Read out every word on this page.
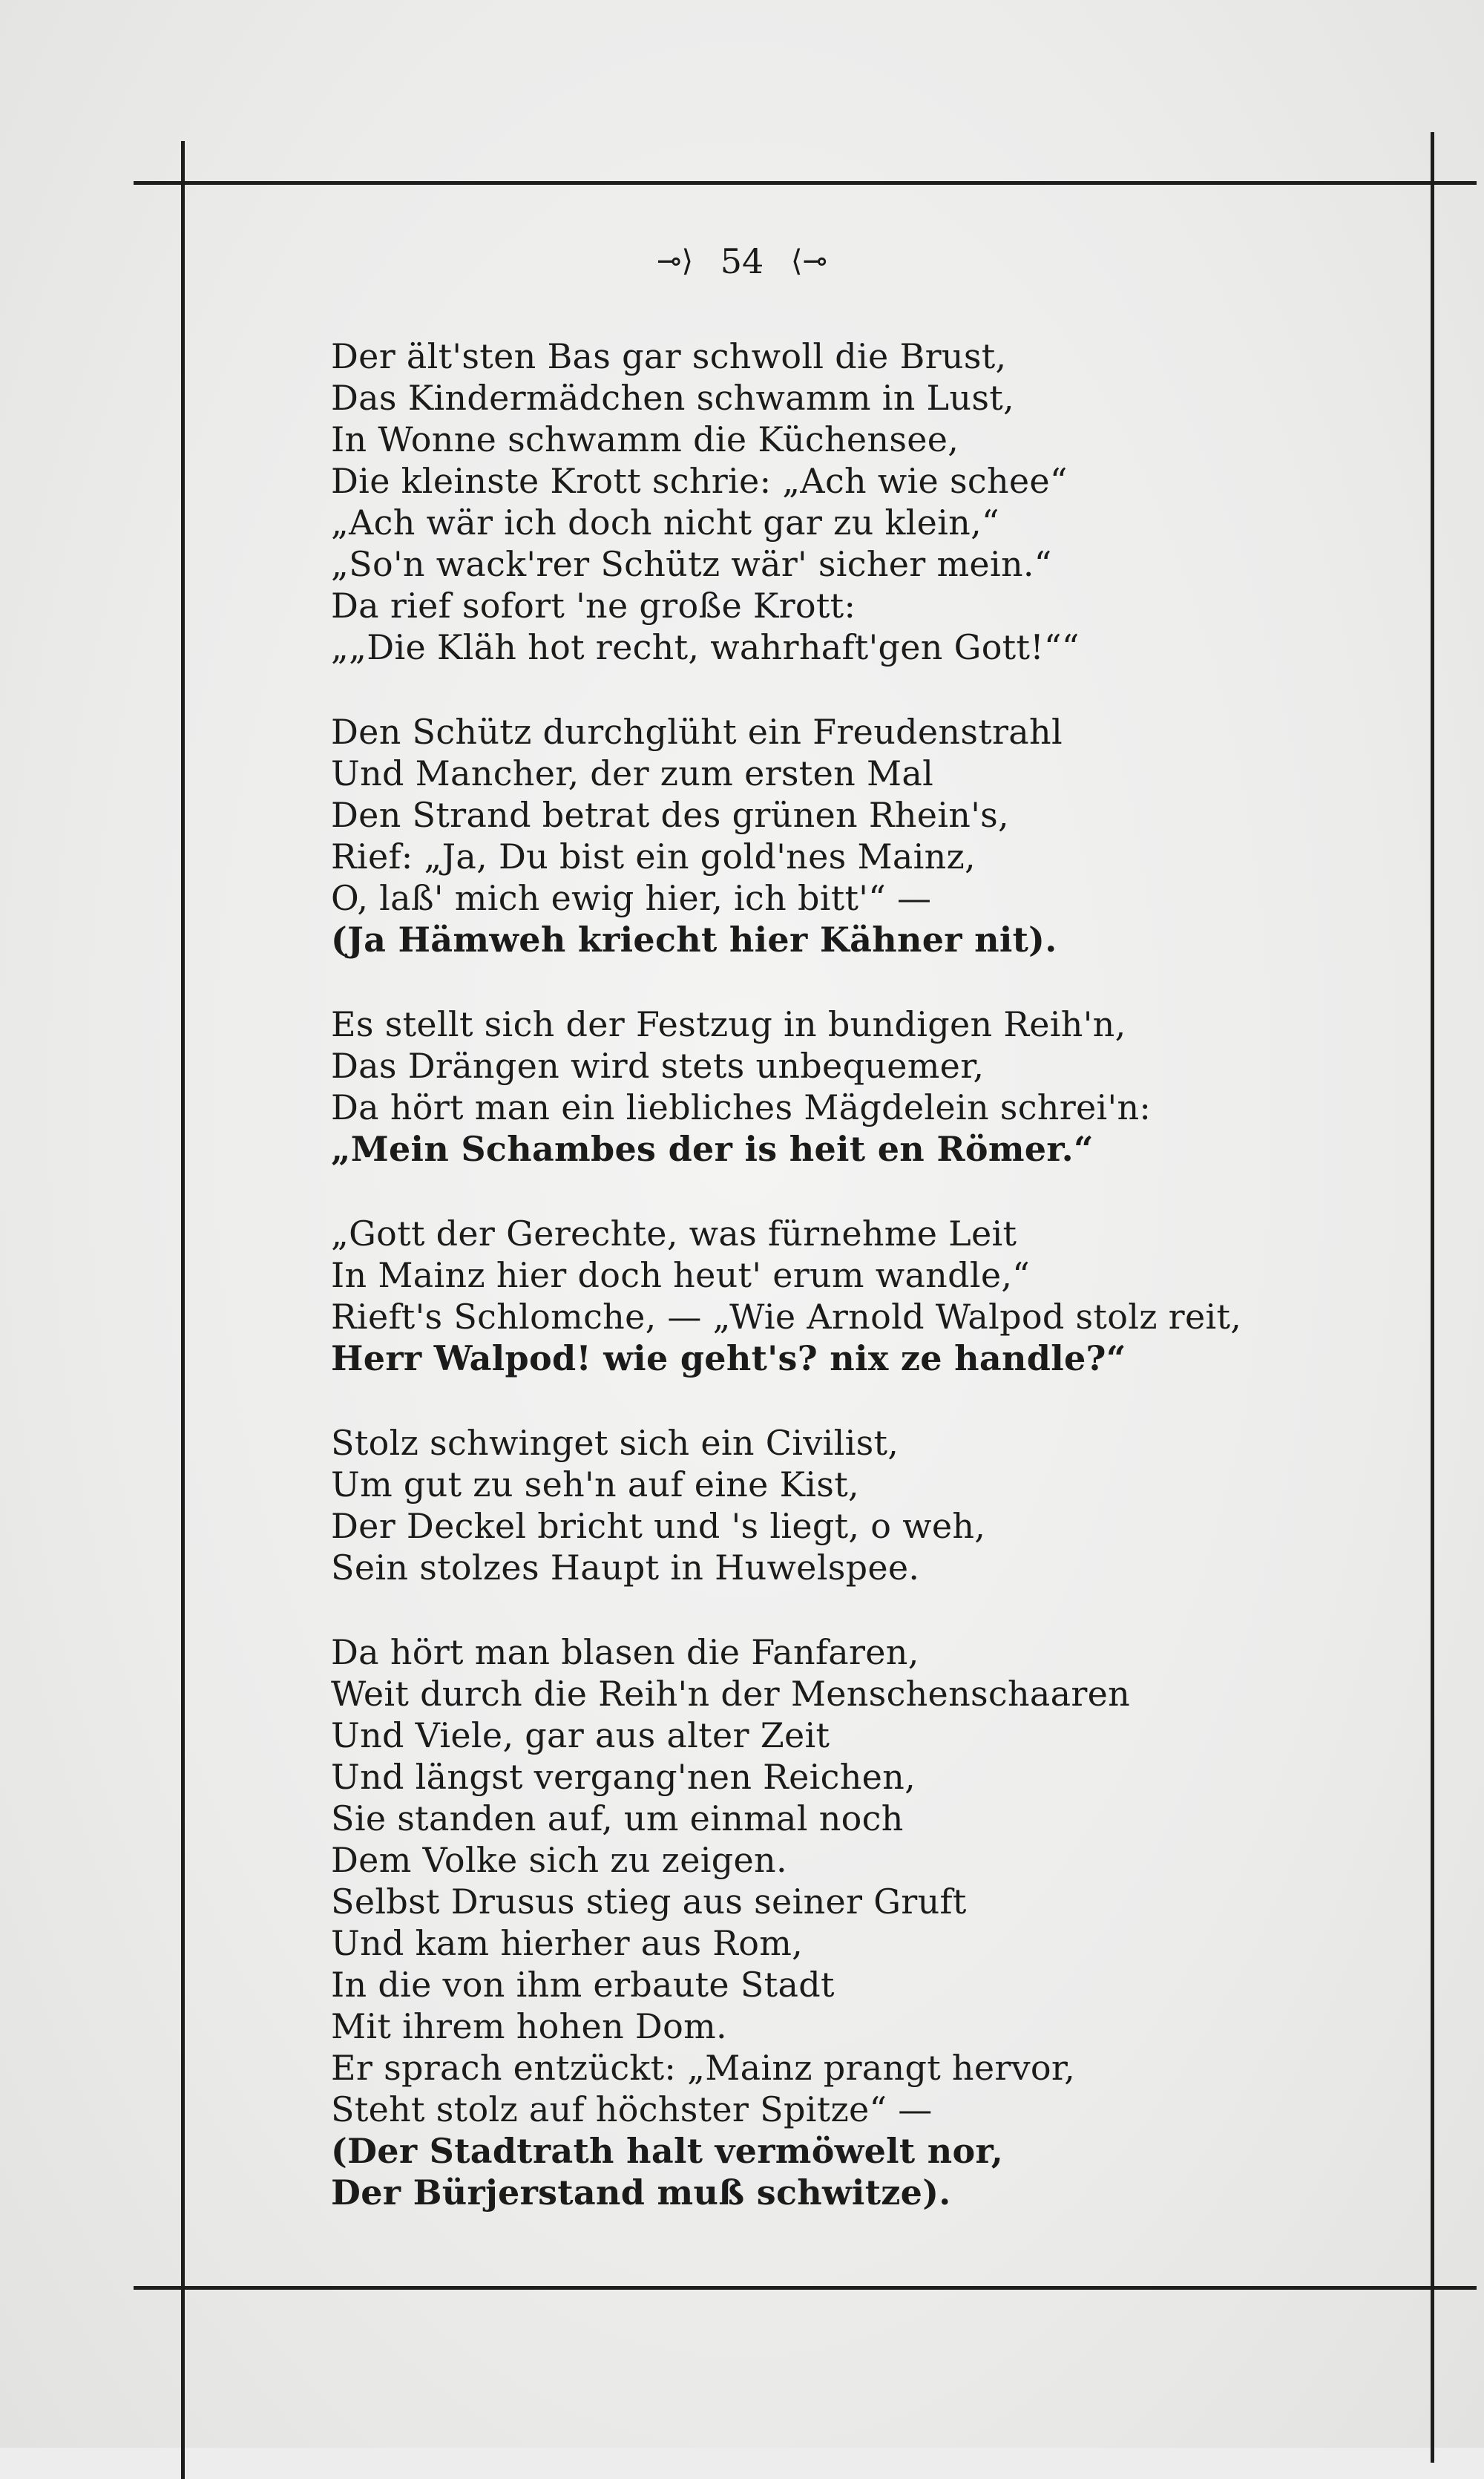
⊸⟩ 54 ⟨⊸
Der ält'sten Bas gar schwoll die Brust,
Das Kindermädchen schwamm in Lust,
In Wonne schwamm die Küchensee,
Die kleinste Krott schrie: „Ach wie schee“
„Ach wär ich doch nicht gar zu klein,“
„So'n wack'rer Schütz wär' sicher mein.“
Da rief sofort 'ne große Krott:
„„Die Kläh hot recht, wahrhaft'gen Gott!““
Den Schütz durchglüht ein Freudenstrahl
Und Mancher, der zum ersten Mal
Den Strand betrat des grünen Rhein's,
Rief: „Ja, Du bist ein gold'nes Mainz,
O, laß' mich ewig hier, ich bitt'“ —
(Ja Hämweh kriecht hier Kähner nit).
Es stellt sich der Festzug in bundigen Reih'n,
Das Drängen wird stets unbequemer,
Da hört man ein liebliches Mägdelein schrei'n:
„Mein Schambes der is heit en Römer.“
„Gott der Gerechte, was fürnehme Leit
In Mainz hier doch heut' erum wandle,“
Rieft's Schlomche, — „Wie Arnold Walpod stolz reit,
Herr Walpod! wie geht's? nix ze handle?“
Stolz schwinget sich ein Civilist,
Um gut zu seh'n auf eine Kist,
Der Deckel bricht und 's liegt, o weh,
Sein stolzes Haupt in Huwelspee.
Da hört man blasen die Fanfaren,
Weit durch die Reih'n der Menschenschaaren
Und Viele, gar aus alter Zeit
Und längst vergang'nen Reichen,
Sie standen auf, um einmal noch
Dem Volke sich zu zeigen.
Selbst Drusus stieg aus seiner Gruft
Und kam hierher aus Rom,
In die von ihm erbaute Stadt
Mit ihrem hohen Dom.
Er sprach entzückt: „Mainz prangt hervor,
Steht stolz auf höchster Spitze“ —
(Der Stadtrath halt vermöwelt nor,
Der Bürjerstand muß schwitze).
